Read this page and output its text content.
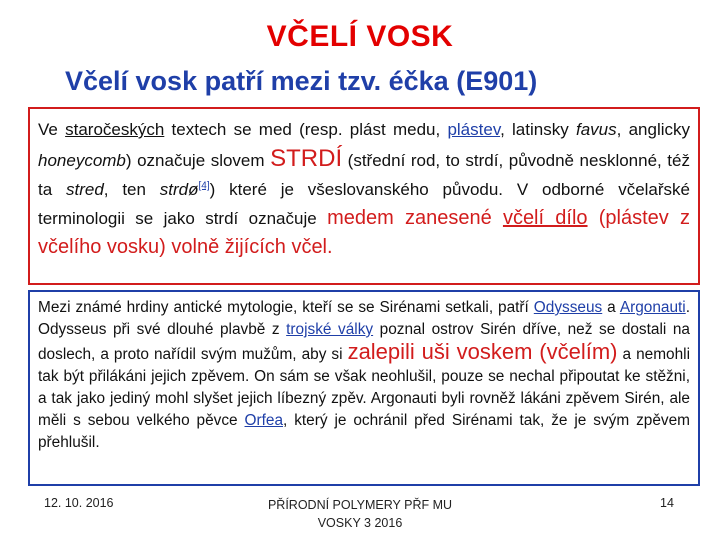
VČELÍ VOSK
Včelí vosk patří mezi tzv. éčka (E901)
Ve staročeských textech se med (resp. plást medu, plástev, latinsky favus, anglicky honeycomb) označuje slovem STRDÍ (střední rod, to strdí, původně nesklonné, též ta stred, ten strdø[4]) které je všeslovanského původu. V odborné včelařské terminologii se jako strdí označuje medem zanesené včelí dílo (plástev z včelího vosku) volně žijících včel.
Mezi známé hrdiny antické mytologie, kteří se se Sirénami setkali, patří Odysseus a Argonauti. Odysseus při své dlouhé plavbě z trojské války poznal ostrov Sirén dříve, než se dostali na doslech, a proto nařídil svým mužům, aby si zalepili uši voskem (včelím) a nemohli tak být přilákáni jejich zpěvem. On sám se však neohlušil, pouze se nechal připoutat ke stěžni, a tak jako jediný mohl slyšet jejich líbezný zpěv. Argonauti byli rovněž lákáni zpěvem Sirén, ale měli s sebou velkého pěvce Orfea, který je ochránil před Sirénami tak, že je svým zpěvem přehlušil.
12. 10. 2016	PŘÍRODNÍ POLYMERY PŘF MU
VOSKY 3 2016
14
